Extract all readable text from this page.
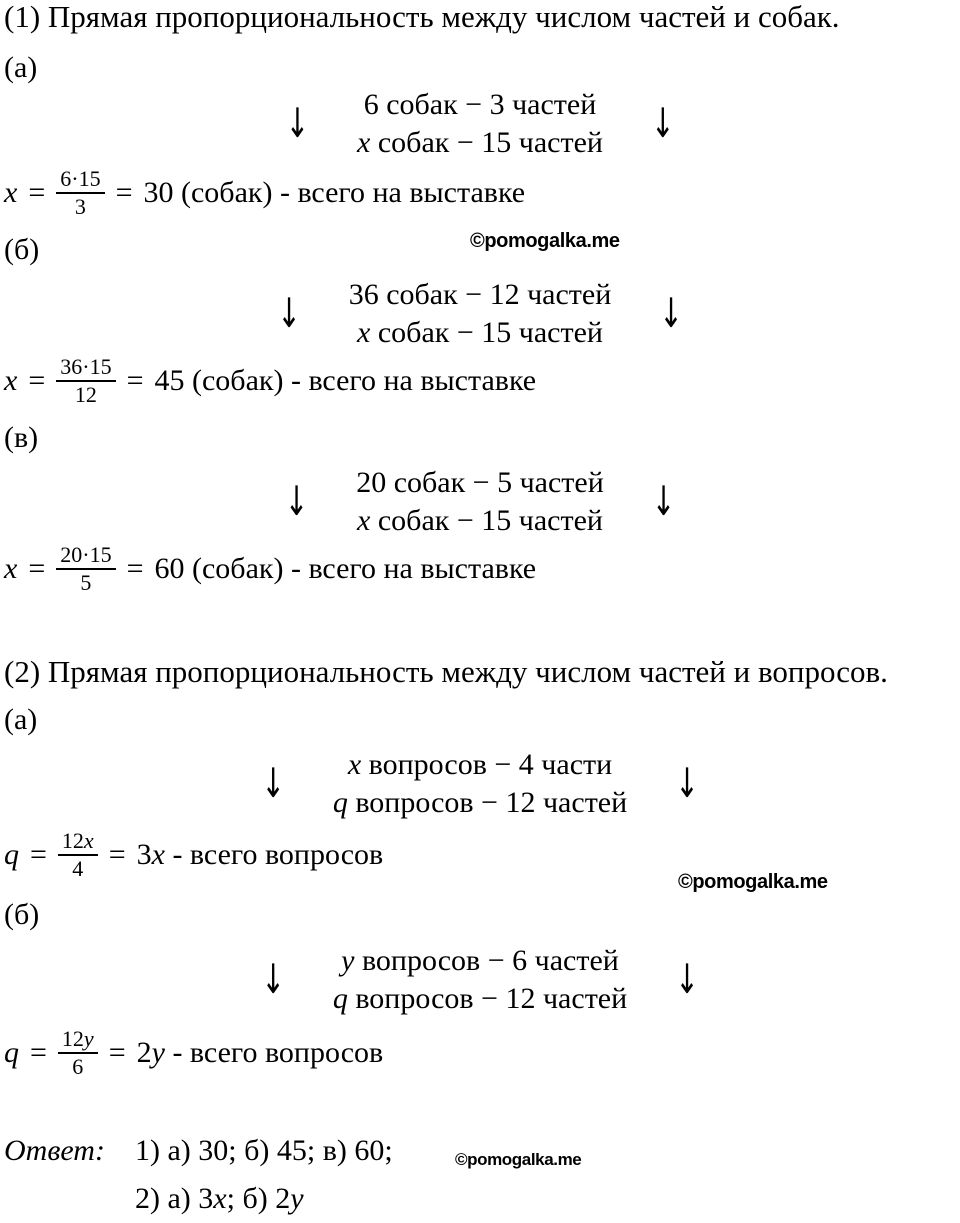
(1) Прямая пропорциональность между числом частей и собак.
(а)
↓ 6 собак − 3 частей
x собак − 15 частей ↓
$x = \frac{6\cdot 15}{3} = 30$ (собак) - всего на выставке
©pomogalka.me
(б)
↓ 36 собак − 12 частей
x собак − 15 частей ↓
$x = \frac{36\cdot 15}{12} = 45$ (собак) - всего на выставке
(в)
↓ 20 собак − 5 частей
x собак − 15 частей ↓
$x = \frac{20\cdot 15}{5} = 60$ (собак) - всего на выставке
(2) Прямая пропорциональность между числом частей и вопросов.
(а)
↓ x вопросов − 4 части
q вопросов − 12 частей ↓
$q = \frac{12x}{4} = 3x$ - всего вопросов
©pomogalka.me
(б)
↓ y вопросов − 6 частей
q вопросов − 12 частей ↓
$q = \frac{12y}{6} = 2y$ - всего вопросов
Ответ: 1) а) 30; б) 45; в) 60;
2) а) 3x; б) 2y
©pomogalka.me
